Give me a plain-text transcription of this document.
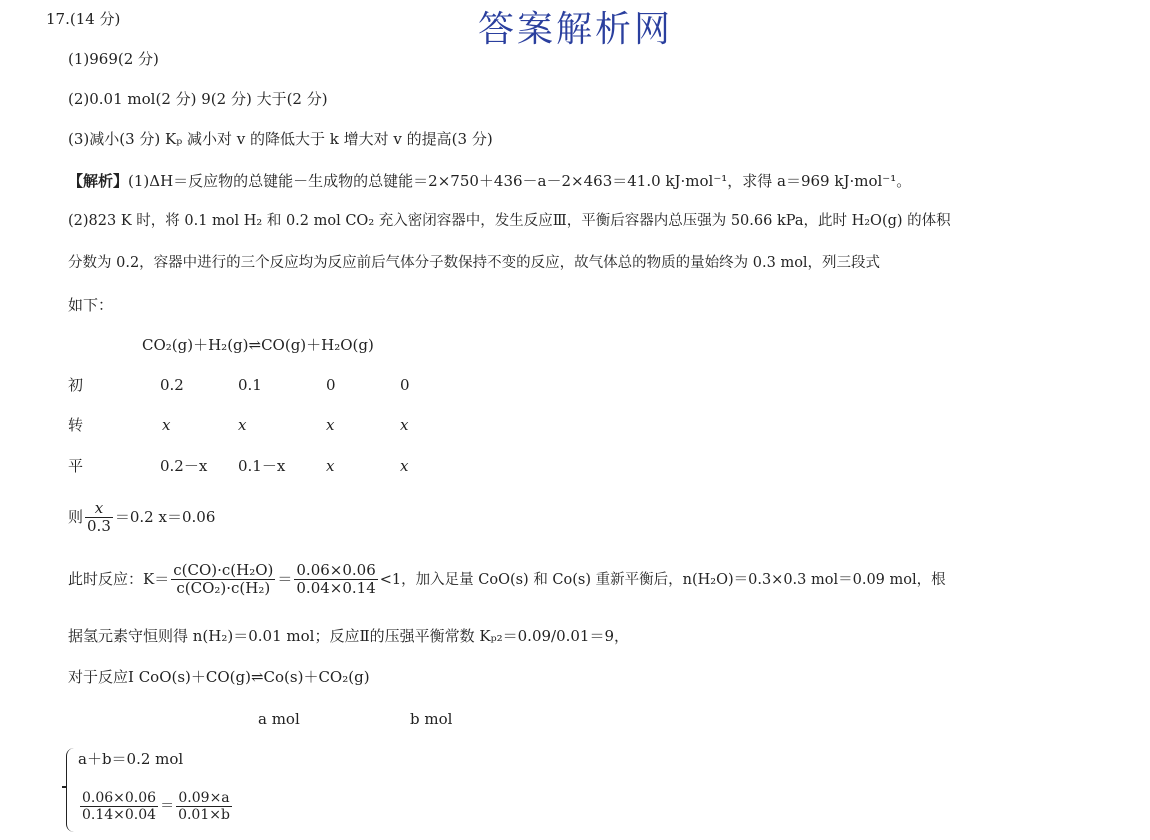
17.(14 分)	答案解析网
(1)969(2 分)
(2)0.01 mol(2 分) 9(2 分) 大于(2 分)
(3)减小(3 分) Kₚ 减小对 v 的降低大于 k 增大对 v 的提高(3 分)
【解析】(1)ΔH＝反应物的总键能－生成物的总键能＝2×750＋436－a－2×463＝41.0 kJ·mol⁻¹，求得 a＝969 kJ·mol⁻¹。
(2)823 K 时，将 0.1 mol H₂ 和 0.2 mol CO₂ 充入密闭容器中，发生反应Ⅲ，平衡后容器内总压强为 50.66 kPa，此时 H₂O(g) 的体积
分数为 0.2，容器中进行的三个反应均为反应前后气体分子数保持不变的反应，故气体总的物质的量始终为 0.3 mol，列三段式
如下：
CO₂(g)＋H₂(g)⇌CO(g)＋H₂O(g)
初	0.2	0.1	0	0
转	x	x	x	x
平	0.2－x 0.1－x	x	x
则 $\frac{x}{0.3} =0.2$ x＝0.06
此时反应：$K= \frac{\text{c(CO)·c(H₂O)}}{\text{c(CO₂)·c(H₂)}} = \frac{0.06\times 0.06}{0.04\times 0.14} <1$，加入足量 CoO(s) 和 Co(s) 重新平衡后，n(H₂O)＝0.3×0.3 mol＝0.09 mol，根
据氢元素守恒则得 n(H₂)＝0.01 mol；反应Ⅱ的压强平衡常数 Kₚ₂＝0.09/0.01＝9，
对于反应Ⅰ CoO(s)＋CO(g)⇌Co(s)＋CO₂(g)
a mol	b mol
a＋b＝0.2 mol
$\frac{0.06\times 0.06}{0.14\times 0.04} = \frac{0.09\times a}{0.01\times b}$
